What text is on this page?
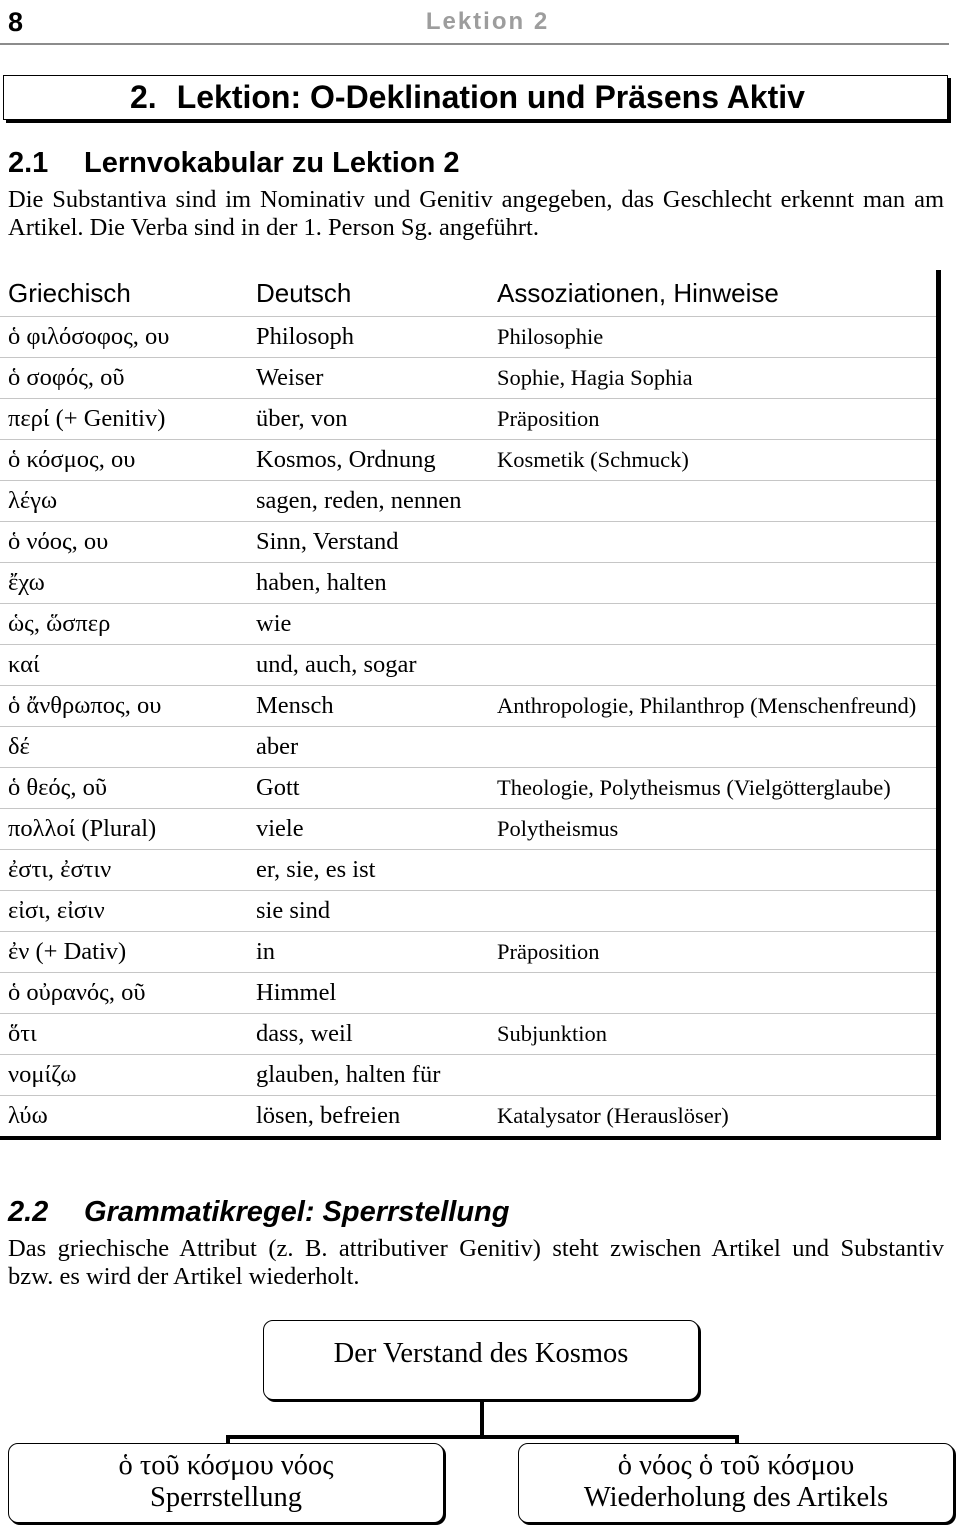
8	Lektion 2
2. Lektion: O-Deklination und Präsens Aktiv
2.1 Lernvokabular zu Lektion 2
Die Substantiva sind im Nominativ und Genitiv angegeben, das Geschlecht erkennt man am
Artikel. Die Verba sind in der 1. Person Sg. angeführt.
Griechisch	Deutsch	Assoziationen, Hinweise
ὁ φιλόσοφος, ου	Philosoph	Philosophie
ὁ σοφός, οῦ	Weiser	Sophie, Hagia Sophia
περί (+ Genitiv)	über, von	Präposition
ὁ κόσμος, ου	Kosmos, Ordnung	Kosmetik (Schmuck)
λέγω	sagen, reden, nennen
ὁ νόος, ου	Sinn, Verstand
ἔχω	haben, halten
ὡς, ὥσπερ	wie
καί	und, auch, sogar
ὁ ἄνθρωπος, ου	Mensch	Anthropologie, Philanthrop (Menschenfreund)
δέ	aber
ὁ θεός, οῦ	Gott	Theologie, Polytheismus (Vielgötterglaube)
πολλοί (Plural)	viele	Polytheismus
ἐστι, ἐστιν	er, sie, es ist
εἰσι, εἰσιν	sie sind
ἐν (+ Dativ)	in	Präposition
ὁ οὐρανός, οῦ	Himmel
ὅτι	dass, weil	Subjunktion
νομίζω	glauben, halten für
λύω	lösen, befreien	Katalysator (Herauslöser)
2.2 Grammatikregel: Sperrstellung
Das griechische Attribut (z. B. attributiver Genitiv) steht zwischen Artikel und Substantiv
bzw. es wird der Artikel wiederholt.
Der Verstand des Kosmos
ὁ τοῦ κόσμου νόος
Sperrstellung
ὁ νόος ὁ τοῦ κόσμου
Wiederholung des Artikels
